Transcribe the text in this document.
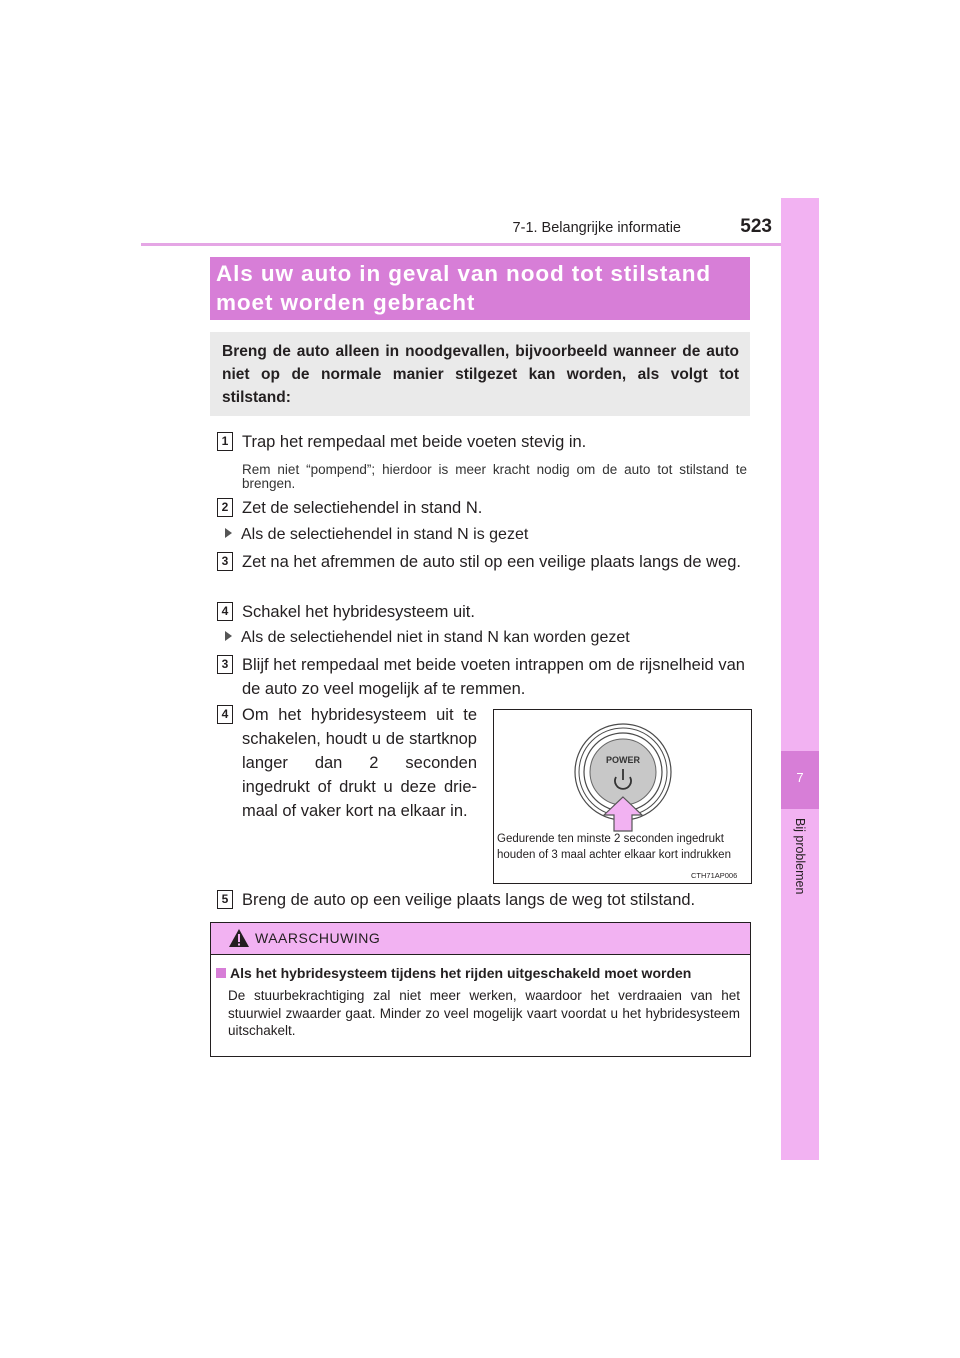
7-1. Belangrijke informatie	523
7
Bij problemen
Als uw auto in geval van nood tot stilstand moet worden gebracht
Breng de auto alleen in noodgevallen, bijvoorbeeld wanneer de auto niet op de normale manier stilgezet kan worden, als volgt tot stilstand:
1 Trap het rempedaal met beide voeten stevig in.
Rem niet “pompend”; hierdoor is meer kracht nodig om de auto tot stilstand te brengen.
2 Zet de selectiehendel in stand N.
Als de selectiehendel in stand N is gezet
3 Zet na het afremmen de auto stil op een veilige plaats langs de weg.
4 Schakel het hybridesysteem uit.
Als de selectiehendel niet in stand N kan worden gezet
3 Blijf het rempedaal met beide voeten intrappen om de rijsnelheid van de auto zo veel mogelijk af te remmen.
4 Om het hybridesysteem uit te schakelen, houdt u de startknop langer dan 2 seconden ingedrukt of drukt u deze driemaal of vaker kort na elkaar in.
POWER
Gedurende ten minste 2 seconden ingedrukt houden of 3 maal achter elkaar kort indrukken
CTH71AP006
5 Breng de auto op een veilige plaats langs de weg tot stilstand.
WAARSCHUWING
Als het hybridesysteem tijdens het rijden uitgeschakeld moet worden
De stuurbekrachtiging zal niet meer werken, waardoor het verdraaien van het stuurwiel zwaarder gaat. Minder zo veel mogelijk vaart voordat u het hybridesysteem uitschakelt.
